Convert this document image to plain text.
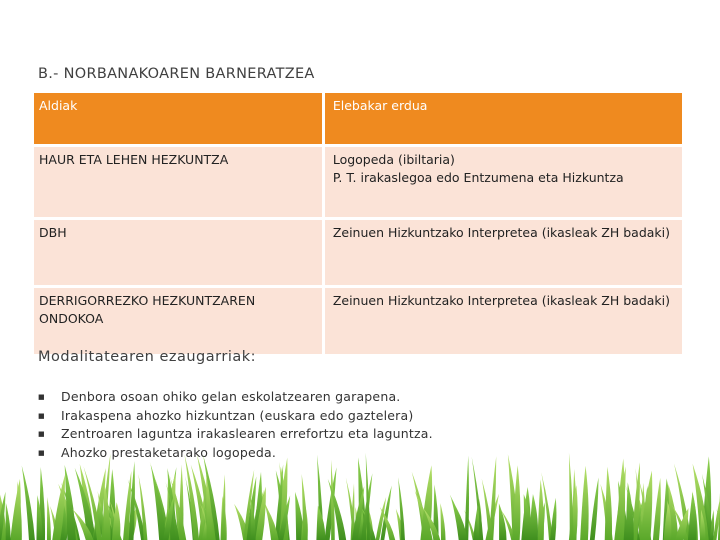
B.- NORBANAKOAREN BARNERATZEA
Aldiak	Elebakar erdua
HAUR ETA LEHEN HEZKUNTZA	Logopeda (ibiltaria)
P. T. irakaslegoa edo Entzumena eta Hizkuntza
DBH	Zeinuen Hizkuntzako Interpretea (ikasleak ZH badaki)
DERRIGORREZKO HEZKUNTZAREN ONDOKOA	Zeinuen Hizkuntzako Interpretea (ikasleak ZH badaki)
Modalitatearen ezaugarriak:
■	Denbora osoan ohiko gelan eskolatzearen garapena.
■	Irakaspena ahozko hizkuntzan (euskara edo gaztelera)
■	Zentroaren laguntza irakaslearen errefortzu eta laguntza.
■	Ahozko prestaketarako logopeda.
